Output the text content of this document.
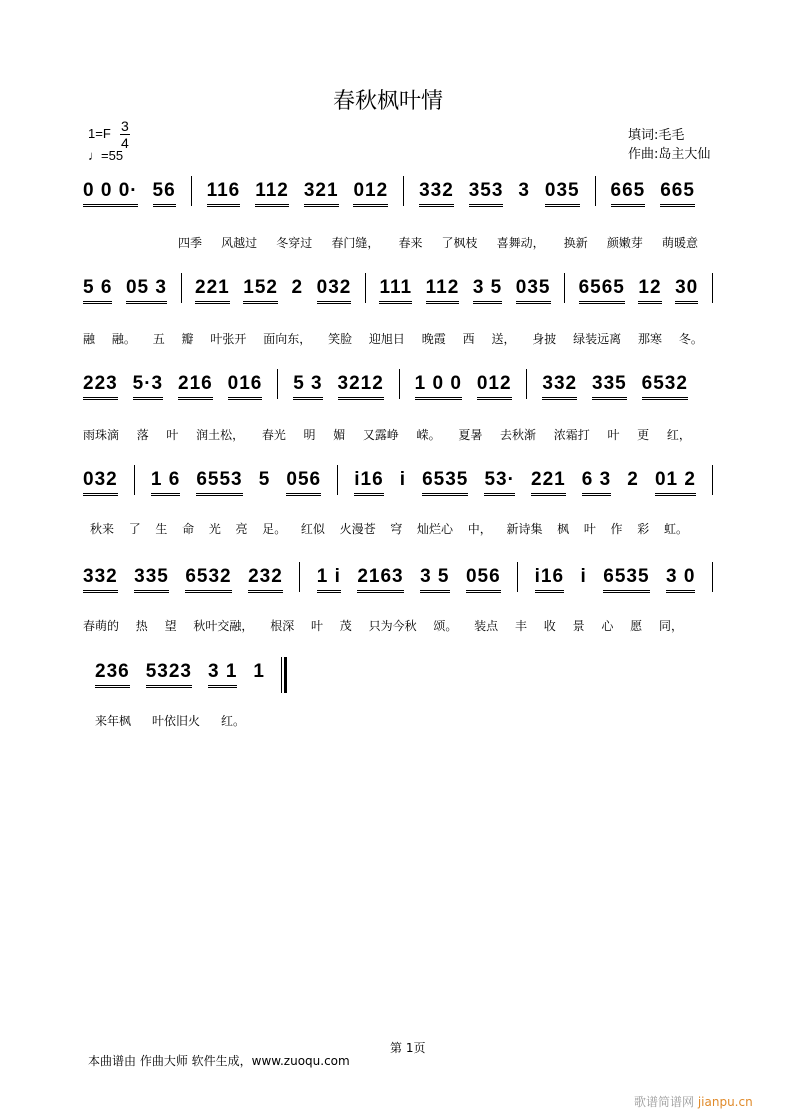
春秋枫叶情
1=F 3
4
♩=55
填词:毛毛
作曲:岛主大仙
0 0 0· 56 116 112 321 012 332 353 3 035 665 665
四季 风越过 冬穿过 春门缝， 春来 了枫枝 喜舞动， 换新 颜嫩芽 萌暖意
5 6 05 3 221 152 2 032 111 112 3 5 035 6565 12 30
融 融。 五 瓣 叶张开 面向东， 笑脸 迎旭日 晚霞 西 送， 身披 绿装远离 那寒 冬。
223 5·3 216 016 5 3 3212 1 0 0 012 332 335 6532
雨珠滴 落 叶 润土松， 春光 明 媚 又露峥 嵘。 夏暑 去秋渐 浓霜打 叶 更 红，
032 1 6 6553 5 056 i16 i 6535 53· 221 6 3 2 01 2
秋来 了 生 命 光 亮 足。 红似 火漫苍 穹 灿烂心 中， 新诗集 枫 叶 作 彩 虹。
332 335 6532 232 1 i 2163 3 5 056 i16 i 6535 3 0
春萌的 热 望 秋叶交融， 根深 叶 茂 只为今秋 颂。 装点 丰 收 景 心 愿 同，
236 5323 3 1 1
来年枫 叶依旧火 红。
第 1页
本曲谱由 作曲大师 软件生成，www.zuoqu.com
歌谱简谱网 jianpu.cn
